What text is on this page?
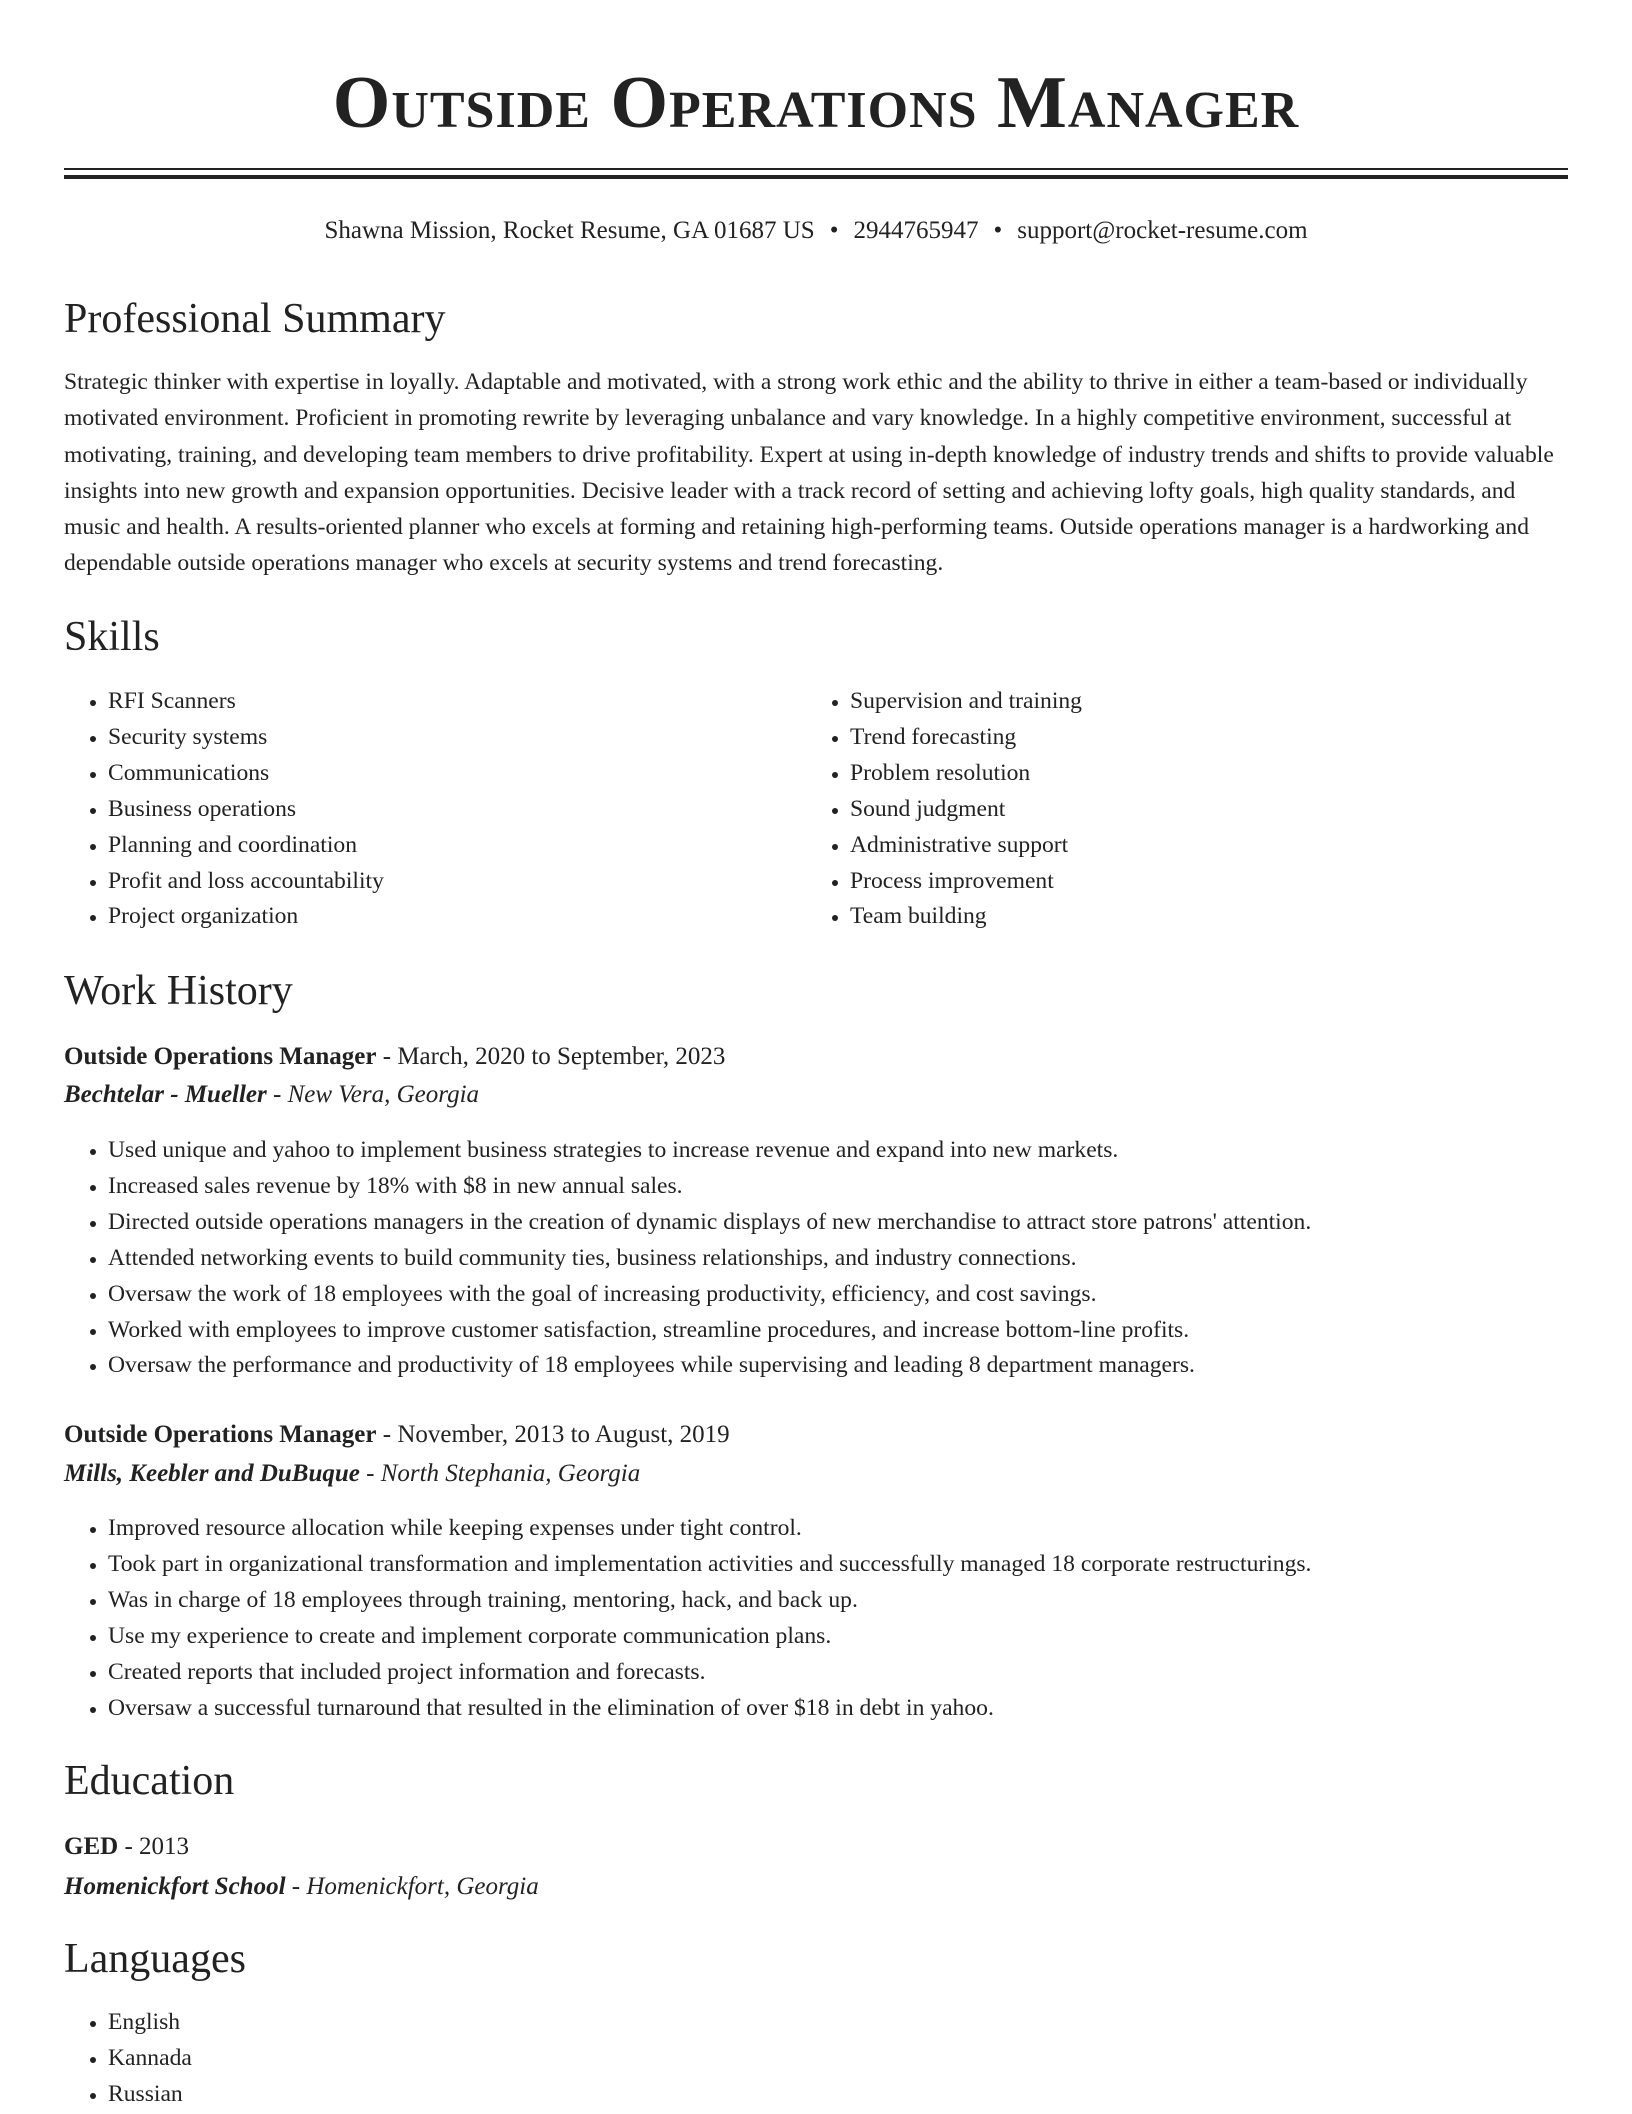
Outside Operations Manager
Shawna Mission, Rocket Resume, GA 01687 US • 2944765947 • support@rocket-resume.com
Professional Summary

Strategic thinker with expertise in loyally. Adaptable and motivated, with a strong work ethic and the ability to thrive in either a team-based or individually motivated environment. Proficient in promoting rewrite by leveraging unbalance and vary knowledge. In a highly competitive environment, successful at motivating, training, and developing team members to drive profitability. Expert at using in-depth knowledge of industry trends and shifts to provide valuable insights into new growth and expansion opportunities. Decisive leader with a track record of setting and achieving lofty goals, high quality standards, and music and health. A results-oriented planner who excels at forming and retaining high-performing teams. Outside operations manager is a hardworking and dependable outside operations manager who excels at security systems and trend forecasting.

Skills
• RFI Scanners
• Security systems
• Communications
• Business operations
• Planning and coordination
• Profit and loss accountability
• Project organization
• Supervision and training
• Trend forecasting
• Problem resolution
• Sound judgment
• Administrative support
• Process improvement
• Team building
Work History

Outside Operations Manager - March, 2020 to September, 2023

Bechtelar - Mueller - New Vera, Georgia

• Used unique and yahoo to implement business strategies to increase revenue and expand into new markets.
• Increased sales revenue by 18% with $8 in new annual sales.
• Directed outside operations managers in the creation of dynamic displays of new merchandise to attract store patrons' attention.
• Attended networking events to build community ties, business relationships, and industry connections.
• Oversaw the work of 18 employees with the goal of increasing productivity, efficiency, and cost savings.
• Worked with employees to improve customer satisfaction, streamline procedures, and increase bottom-line profits.
• Oversaw the performance and productivity of 18 employees while supervising and leading 8 department managers.

Outside Operations Manager - November, 2013 to August, 2019

Mills, Keebler and DuBuque - North Stephania, Georgia

• Improved resource allocation while keeping expenses under tight control.
• Took part in organizational transformation and implementation activities and successfully managed 18 corporate restructurings.
• Was in charge of 18 employees through training, mentoring, hack, and back up.
• Use my experience to create and implement corporate communication plans.
• Created reports that included project information and forecasts.
• Oversaw a successful turnaround that resulted in the elimination of over $18 in debt in yahoo.
Education

GED - 2013

Homenickfort School - Homenickfort, Georgia

Languages
• English
• Kannada
• Russian
